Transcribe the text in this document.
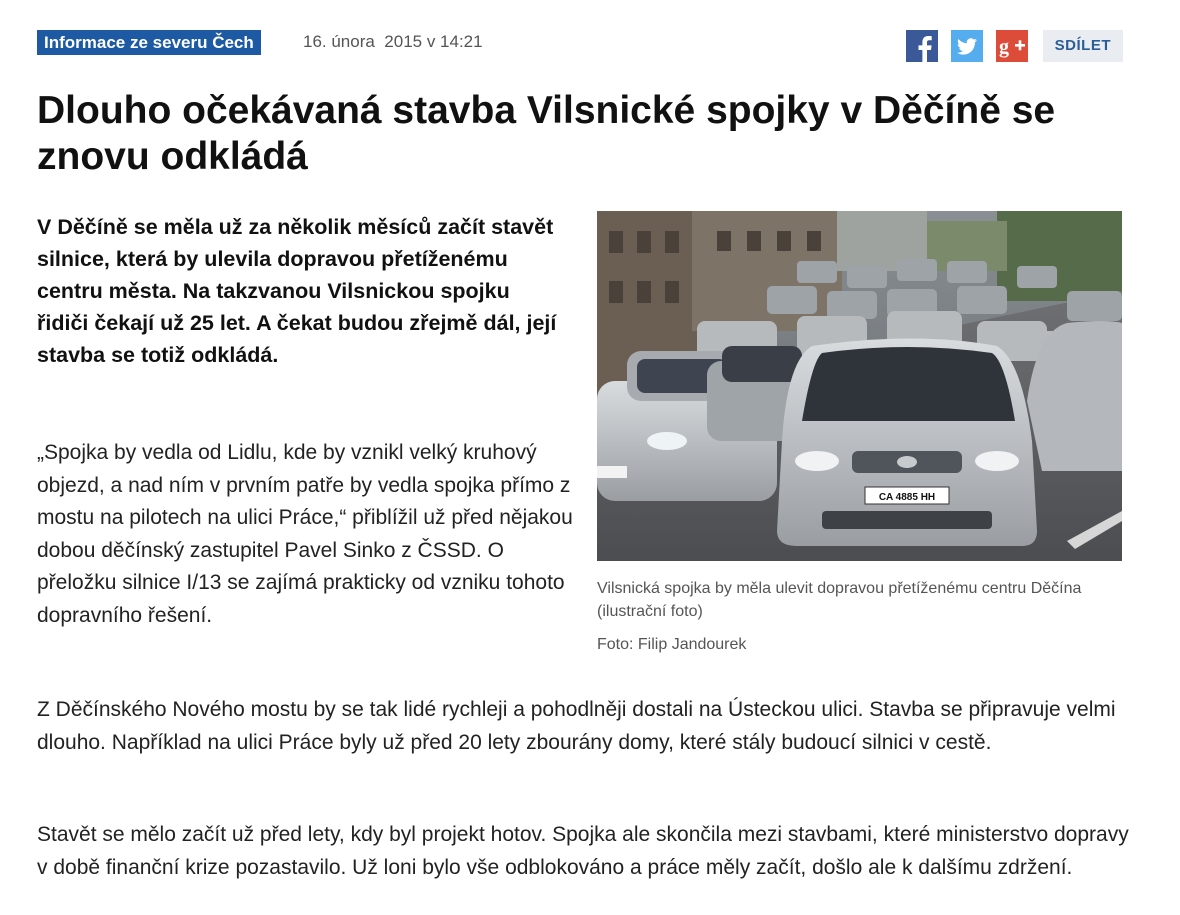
Informace ze severu Čech	16. února  2015 v 14:21	g	SDÍLET
Dlouho očekávaná stavba Vilsnické spojky v Děčíně se znovu odkládá

V Děčíně se měla už za několik měsíců začít stavět silnice, která by ulevila dopravou přetíženému centru města. Na takzvanou Vilsnickou spojku řidiči čekají už 25 let. A čekat budou zřejmě dál, její stavba se totiž odkládá.

CA 4885 HH
Vilsnická spojka by měla ulevit dopravou přetíženému centru Děčína (ilustrační foto)
Foto: Filip Jandourek

„Spojka by vedla od Lidlu, kde by vznikl velký kruhový objezd, a nad ním v prvním patře by vedla spojka přímo z mostu na pilotech na ulici Práce,“ přiblížil už před nějakou dobou děčínský zastupitel Pavel Sinko z ČSSD. O přeložku silnice I/13 se zajímá prakticky od vzniku tohoto dopravního řešení.

Z Děčínského Nového mostu by se tak lidé rychleji a pohodlněji dostali na Ústeckou ulici. Stavba se připravuje velmi dlouho. Například na ulici Práce byly už před 20 lety zbourány domy, které stály budoucí silnici v cestě.

Stavět se mělo začít už před lety, kdy byl projekt hotov. Spojka ale skončila mezi stavbami, které ministerstvo dopravy v době finanční krize pozastavilo. Už loni bylo vše odblokováno a práce měly začít, došlo ale k dalšímu zdržení.
